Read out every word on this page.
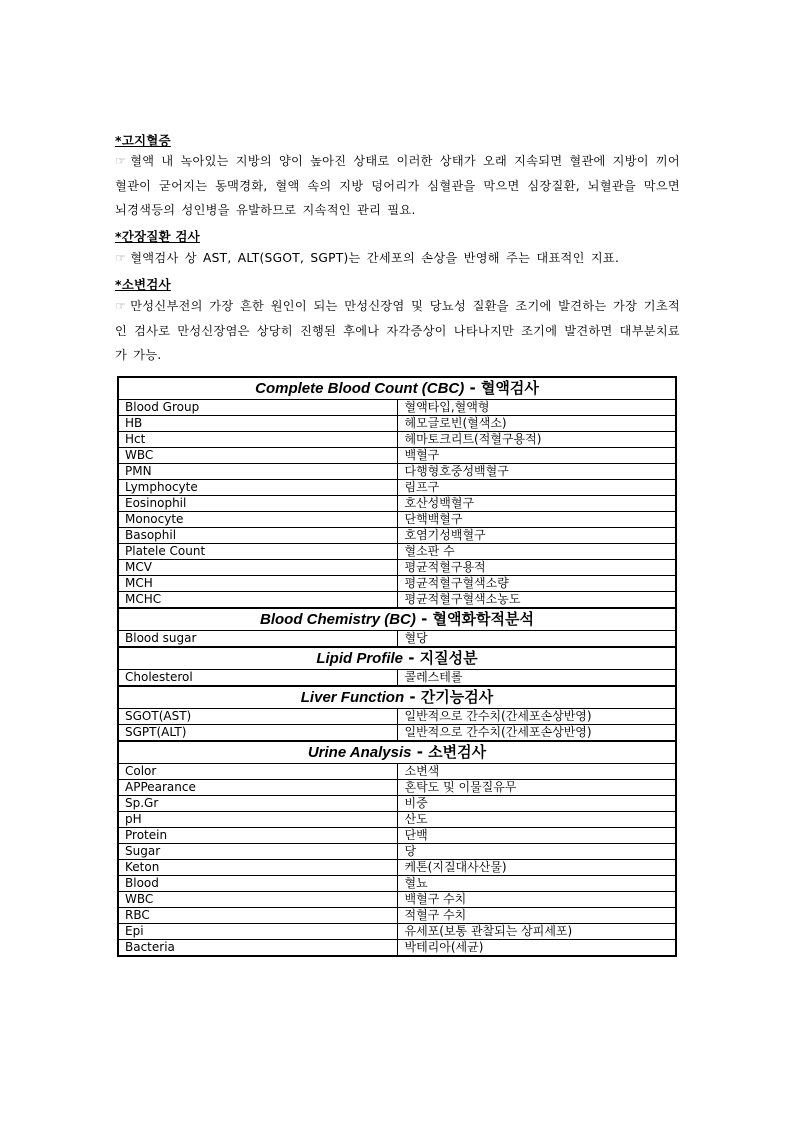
*고지혈증
☞ 혈액 내 녹아있는 지방의 양이 높아진 상태로 이러한 상태가 오래 지속되면 혈관에 지방이 끼어 혈관이 굳어지는 동맥경화, 혈액 속의 지방 덩어리가 심혈관을 막으면 심장질환, 뇌혈관을 막으면 뇌경색등의 성인병을 유발하므로 지속적인 관리 필요.
*간장질환 검사
☞ 혈액검사 상 AST, ALT(SGOT, SGPT)는 간세포의 손상을 반영해 주는 대표적인 지표.
*소변검사
☞ 만성신부전의 가장 흔한 원인이 되는 만성신장염 및 당뇨성 질환을 조기에 발견하는 가장 기초적인 검사로 만성신장염은 상당히 진행된 후에나 자각증상이 나타나지만 조기에 발견하면 대부분치료가 가능.
Complete Blood Count (CBC) - 혈액검사	
Blood Group	혈액타입,혈액형
HB	헤모글로빈(혈색소)
Hct	헤마토크리트(적혈구용적)
WBC	백혈구
PMN	다행형호중성백혈구
Lymphocyte	림프구
Eosinophil	호산성백혈구
Monocyte	단핵백혈구
Basophil	호염기성백혈구
Platele Count	혈소판 수
MCV	평균적혈구용적
MCH	평균적혈구혈색소량
MCHC	평균적혈구혈색소농도
Blood Chemistry (BC) - 혈액화학적분석	
Blood sugar	혈당
Lipid Profile - 지질성분	
Cholesterol	콜레스테롤
Liver Function - 간기능검사	
SGOT(AST)	일반적으로 간수치(간세포손상반영)
SGPT(ALT)	일반적으로 간수치(간세포손상반영)
Urine Analysis - 소변검사	
Color	소변색
APPearance	혼탁도 및 이물질유무
Sp.Gr	비중
pH	산도
Protein	단백
Sugar	당
Keton	케톤(지질대사산물)
Blood	혈뇨
WBC	백혈구 수치
RBC	적혈구 수치
Epi	유세포(보통 관찰되는 상피세포)
Bacteria	박테리아(세균)
